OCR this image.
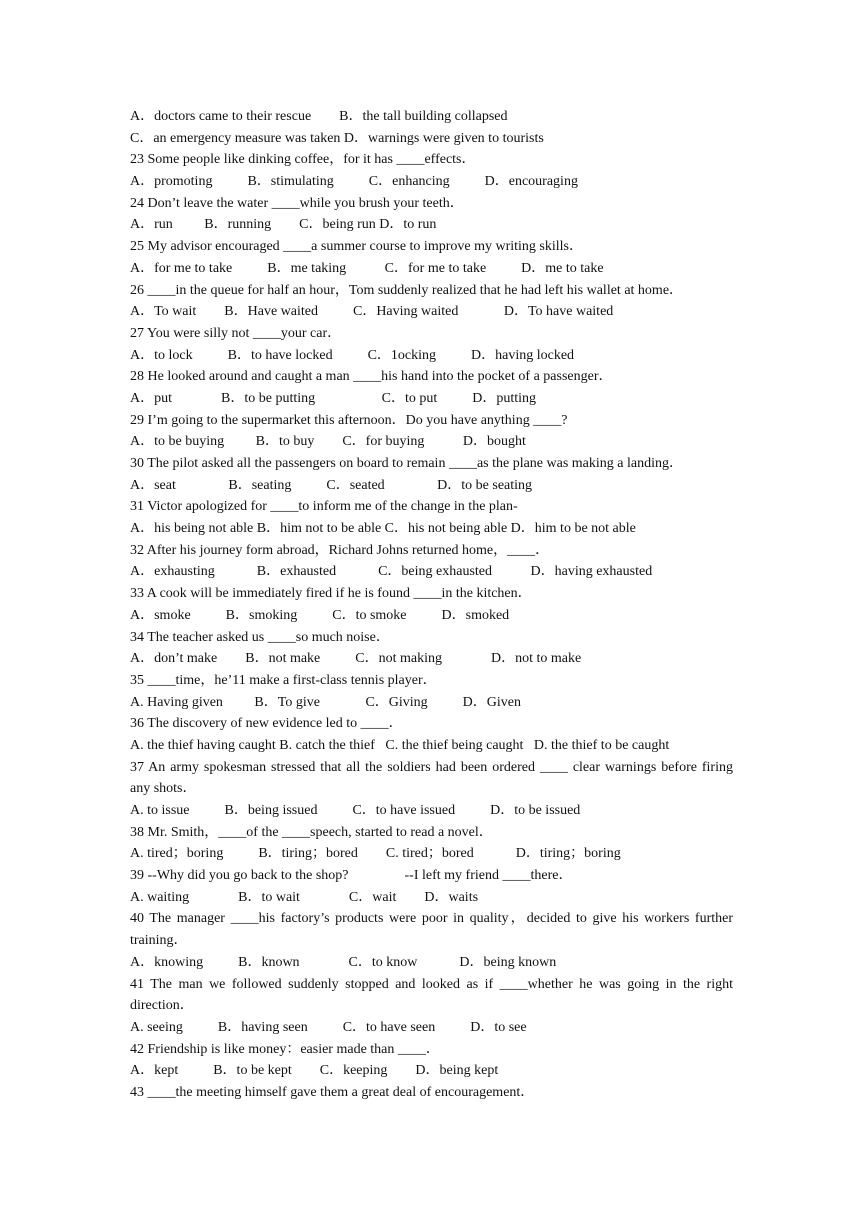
A．doctors came to their rescue        B．the tall building collapsed
C．an emergency measure was taken D．warnings were given to tourists
23 Some people like dinking coffee，for it has ____effects．
A．promoting          B．stimulating          C．enhancing          D．encouraging
24 Don’t leave the water ____while you brush your teeth．
A．run         B．running        C．being run D．to run
25 My advisor encouraged ____a summer course to improve my writing skills．
A．for me to take          B．me taking           C．for me to take          D．me to take
26 ____in the queue for half an hour，Tom suddenly realized that he had left his wallet at home．
A．To wait        B．Have waited          C．Having waited             D．To have waited
27 You were silly not ____your car．
A．to lock          B．to have locked          C．1ocking          D．having locked
28 He looked around and caught a man ____his hand into the pocket of a passenger．
A．put              B．to be putting                   C．to put          D．putting
29 I’m going to the supermarket this afternoon．Do you have anything ____?
A．to be buying         B．to buy        C．for buying           D．bought
30 The pilot asked all the passengers on board to remain ____as the plane was making a landing．
A．seat               B．seating          C．seated               D．to be seating
31 Victor apologized for ____to inform me of the change in the plan-
A．his being not able B．him not to be able C．his not being able D．him to be not able
32 After his journey form abroad，Richard Johns returned home，____．
A．exhausting            B．exhausted            C．being exhausted           D．having exhausted
33 A cook will be immediately fired if he is found ____in the kitchen．
A．smoke          B．smoking          C．to smoke          D．smoked
34 The teacher asked us ____so much noise．
A．don’t make        B．not make          C．not making              D．not to make
35 ____time，he’11 make a first-class tennis player．
A. Having given         B．To give             C．Giving          D．Given
36 The discovery of new evidence led to ____．
A. the thief having caught B. catch the thief   C. the thief being caught   D. the thief to be caught
37 An army spokesman stressed that all the soldiers had been ordered ____ clear warnings before firing any shots．
A. to issue          B．being issued          C．to have issued          D．to be issued
38 Mr. Smith，____of the ____speech, started to read a novel．
A. tired；boring          B．tiring；bored        C. tired；bored            D．tiring；boring
39 --Why did you go back to the shop?                --I left my friend ____there．
A. waiting              B．to wait              C．wait        D．waits
40 The manager ____his factory’s products were poor in quality，decided to give his workers further training．
A．knowing          B．known              C．to know            D．being known
41 The man we followed suddenly stopped and looked as if ____whether he was going in the right direction．
A. seeing          B．having seen          C．to have seen          D．to see
42 Friendship is like money：easier made than ____．
A．kept          B．to be kept        C．keeping        D．being kept
43 ____the meeting himself gave them a great deal of encouragement．
